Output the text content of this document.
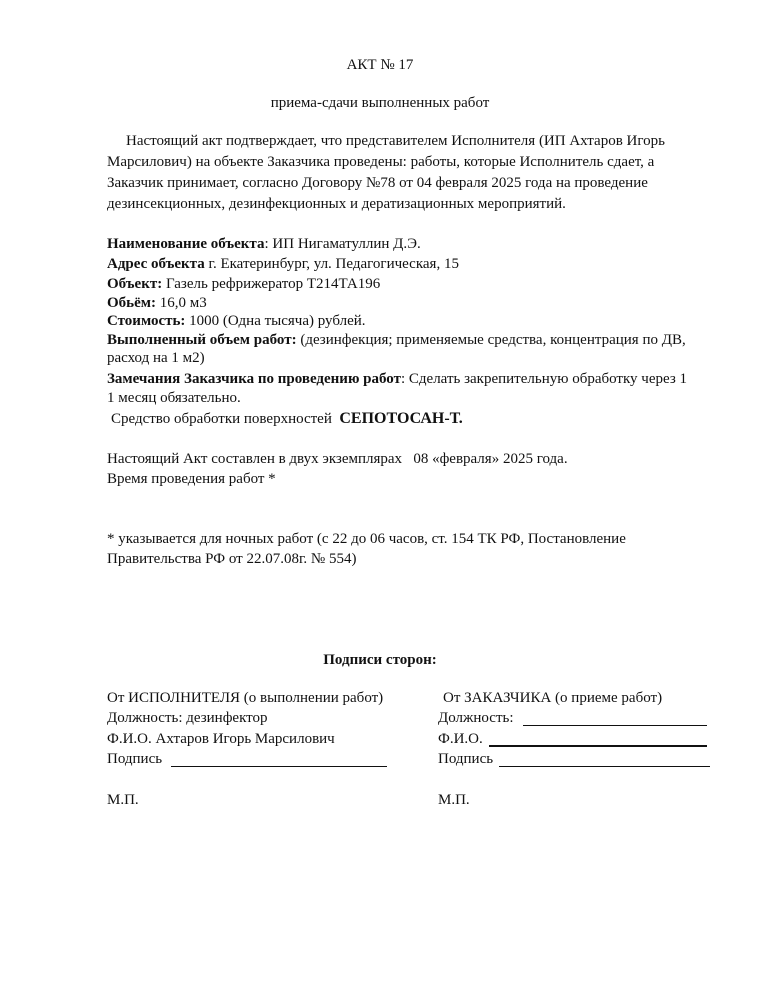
АКТ № 17
приема-сдачи выполненных работ
Настоящий акт подтверждает, что представителем Исполнителя (ИП Ахтаров Игорь
Марсилович) на объекте Заказчика проведены: работы, которые Исполнитель сдает, а
Заказчик принимает, согласно Договору №78 от 04 февраля 2025 года на проведение
дезинсекционных, дезинфекционных и дератизационных мероприятий.
Наименование объекта: ИП Нигаматуллин Д.Э.
Адрес объекта г. Екатеринбург, ул. Педагогическая, 15
Объект: Газель рефрижератор Т214ТА196
Обьём: 16,0 м3
Стоимость: 1000 (Одна тысяча) рублей.
Выполненный объем работ: (дезинфекция; применяемые средства, концентрация по ДВ,
расход на 1 м2)
Замечания Заказчика по проведению работ: Сделать закрепительную обработку через 1
1 месяц обязательно.
Средство обработки поверхностей СЕПОТОСАН-Т.
Настоящий Акт составлен в двух экземплярах 08 «февраля» 2025 года.
Время проведения работ *
* указывается для ночных работ (с 22 до 06 часов, ст. 154 ТК РФ, Постановление
Правительства РФ от 22.07.08г. № 554)
Подписи сторон:
От ИСПОЛНИТЕЛЯ (о выполнении работ)
Должность: дезинфектор
Ф.И.О. Ахтаров Игорь Марсилович
Подпись
М.П.
От ЗАКАЗЧИКА (о приеме работ)
Должность:
Ф.И.О.
Подпись
М.П.
